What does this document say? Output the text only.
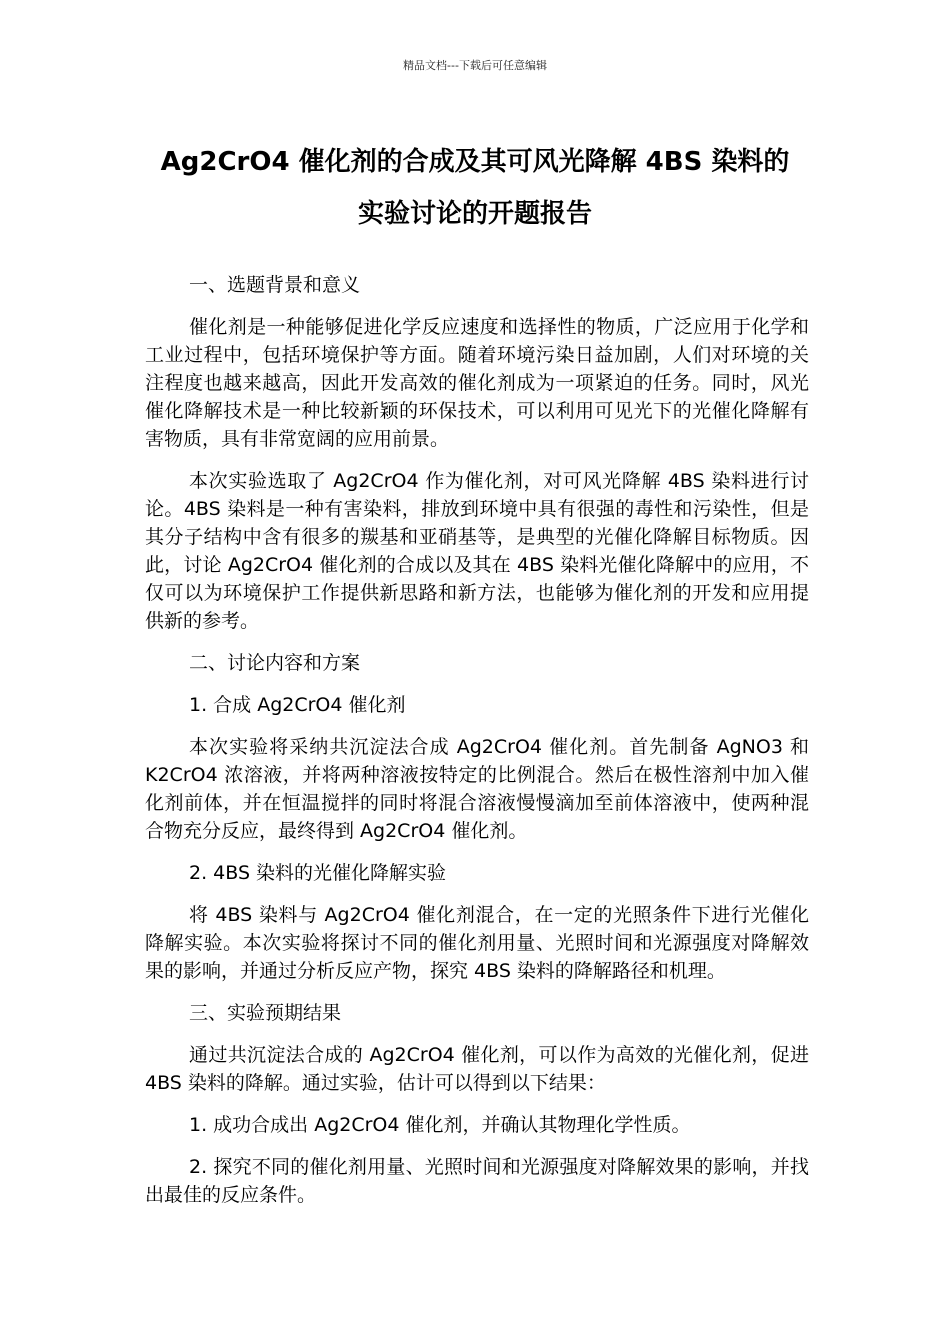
精品文档---下载后可任意编辑
Ag2CrO4 催化剂的合成及其可风光降解 4BS 染料的
实验讨论的开题报告
一、选题背景和意义

催化剂是一种能够促进化学反应速度和选择性的物质，广泛应用于化学和工业过程中，包括环境保护等方面。随着环境污染日益加剧，人们对环境的关注程度也越来越高，因此开发高效的催化剂成为一项紧迫的任务。同时，风光催化降解技术是一种比较新颖的环保技术，可以利用可见光下的光催化降解有害物质，具有非常宽阔的应用前景。

本次实验选取了 Ag2CrO4 作为催化剂，对可风光降解 4BS 染料进行讨论。4BS 染料是一种有害染料，排放到环境中具有很强的毒性和污染性，但是其分子结构中含有很多的羰基和亚硝基等，是典型的光催化降解目标物质。因此，讨论 Ag2CrO4 催化剂的合成以及其在 4BS 染料光催化降解中的应用，不仅可以为环境保护工作提供新思路和新方法，也能够为催化剂的开发和应用提供新的参考。

二、讨论内容和方案
1. 合成 Ag2CrO4 催化剂

本次实验将采纳共沉淀法合成 Ag2CrO4 催化剂。首先制备 AgNO3 和 K2CrO4 浓溶液，并将两种溶液按特定的比例混合。然后在极性溶剂中加入催化剂前体，并在恒温搅拌的同时将混合溶液慢慢滴加至前体溶液中，使两种混合物充分反应，最终得到 Ag2CrO4 催化剂。

2. 4BS 染料的光催化降解实验

将 4BS 染料与 Ag2CrO4 催化剂混合，在一定的光照条件下进行光催化降解实验。本次实验将探讨不同的催化剂用量、光照时间和光源强度对降解效果的影响，并通过分析反应产物，探究 4BS 染料的降解路径和机理。

三、实验预期结果

通过共沉淀法合成的 Ag2CrO4 催化剂，可以作为高效的光催化剂，促进 4BS 染料的降解。通过实验，估计可以得到以下结果：

1. 成功合成出 Ag2CrO4 催化剂，并确认其物理化学性质。

2. 探究不同的催化剂用量、光照时间和光源强度对降解效果的影响，并找出最佳的反应条件。
